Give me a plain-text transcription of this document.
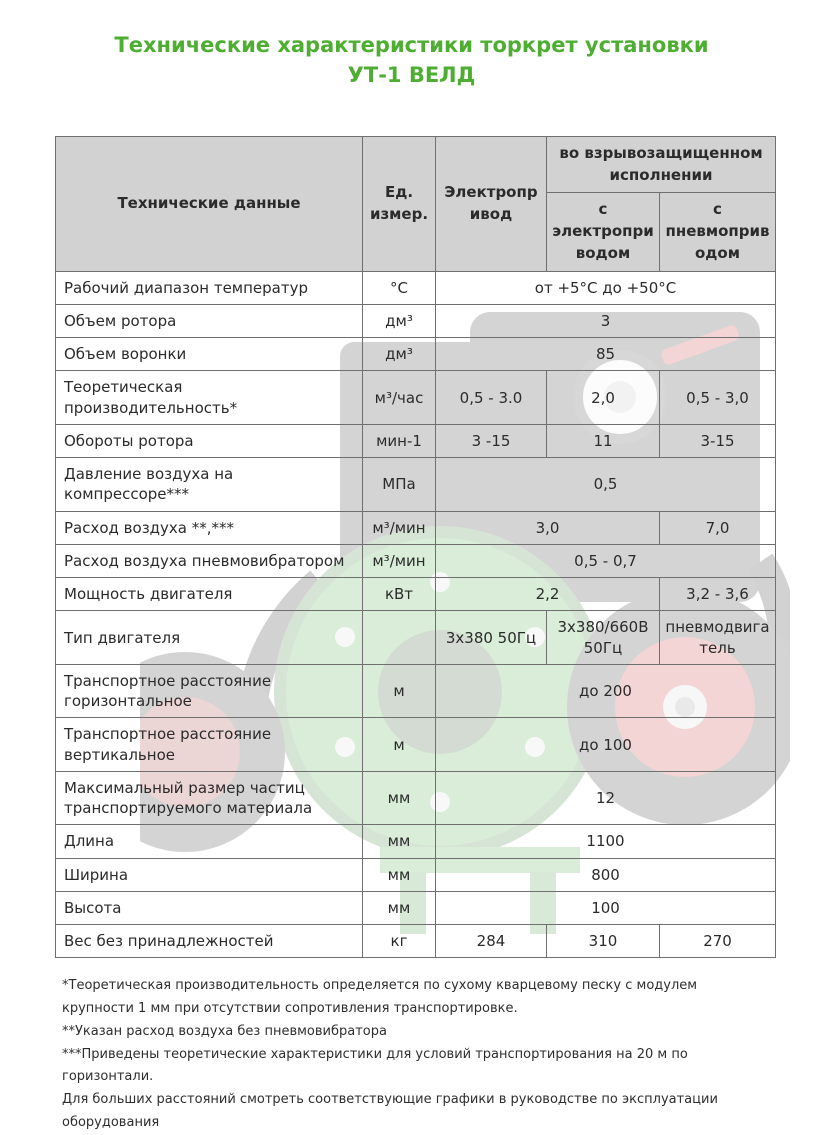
Технические характеристики торкрет установки
УТ-1 ВЕЛД
Технические данные	Ед. измер.	Электропривод	во взрывозащищенном исполнении	
			с электроприводом	с пневмоприводом
Рабочий диапазон температур	°С	от +5°С до +50°С		
Объем ротора	дм³	3		
Объем воронки	дм³	85		
Теоретическая производительность*	м³/час	0,5 - 3.0	2,0	0,5 - 3,0
Обороты ротора	мин-1	3 -15	11	3-15
Давление воздуха на компрессоре***	МПа	0,5		
Расход воздуха **,***	м³/мин	3,0		7,0
Расход воздуха пневмовибратором	м³/мин	0,5 - 0,7		
Мощность двигателя	кВт	2,2		3,2 - 3,6
Тип двигателя		3х380 50Гц	3х380/660В 50Гц	пневмодвигатель
Транспортное расстояние горизонтальное	м	до 200		
Транспортное расстояние вертикальное	м	до 100		
Максимальный размер частиц транспортируемого материала	мм	12		
Длина	мм	1100		
Ширина	мм	800		
Высота	мм	100		
Вес без принадлежностей	кг	284	310	270
*Теоретическая производительность определяется по сухому кварцевому песку с модулем крупности 1 мм при отсутствии сопротивления транспортировке.
**Указан расход воздуха без пневмовибратора
***Приведены теоретические характеристики для условий транспортирования на 20 м по горизонтали.
Для больших расстояний смотреть соответствующие графики в руководстве по эксплуатации оборудования
